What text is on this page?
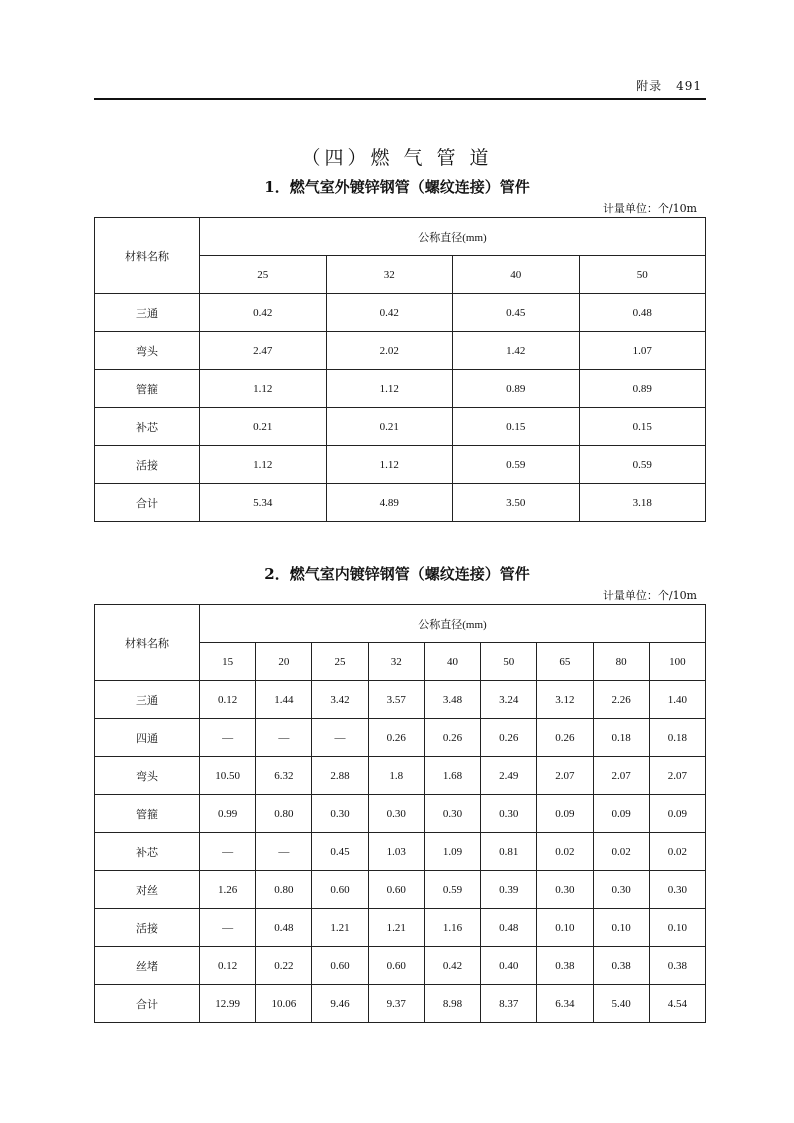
附录 491
（四）燃 气 管 道
1．燃气室外镀锌钢管（螺纹连接）管件
计量单位：个/10m
材料名称	公称直径(mm)			
	25	32	40	50
三通	0.42	0.42	0.45	0.48
弯头	2.47	2.02	1.42	1.07
管箍	1.12	1.12	0.89	0.89
补芯	0.21	0.21	0.15	0.15
活接	1.12	1.12	0.59	0.59
合计	5.34	4.89	3.50	3.18
2．燃气室内镀锌钢管（螺纹连接）管件
计量单位：个/10m
材料名称	公称直径(mm)								
	15	20	25	32	40	50	65	80	100
三通	0.12	1.44	3.42	3.57	3.48	3.24	3.12	2.26	1.40
四通	—	—	—	0.26	0.26	0.26	0.26	0.18	0.18
弯头	10.50	6.32	2.88	1.8	1.68	2.49	2.07	2.07	2.07
管箍	0.99	0.80	0.30	0.30	0.30	0.30	0.09	0.09	0.09
补芯	—	—	0.45	1.03	1.09	0.81	0.02	0.02	0.02
对丝	1.26	0.80	0.60	0.60	0.59	0.39	0.30	0.30	0.30
活接	—	0.48	1.21	1.21	1.16	0.48	0.10	0.10	0.10
丝堵	0.12	0.22	0.60	0.60	0.42	0.40	0.38	0.38	0.38
合计	12.99	10.06	9.46	9.37	8.98	8.37	6.34	5.40	4.54
